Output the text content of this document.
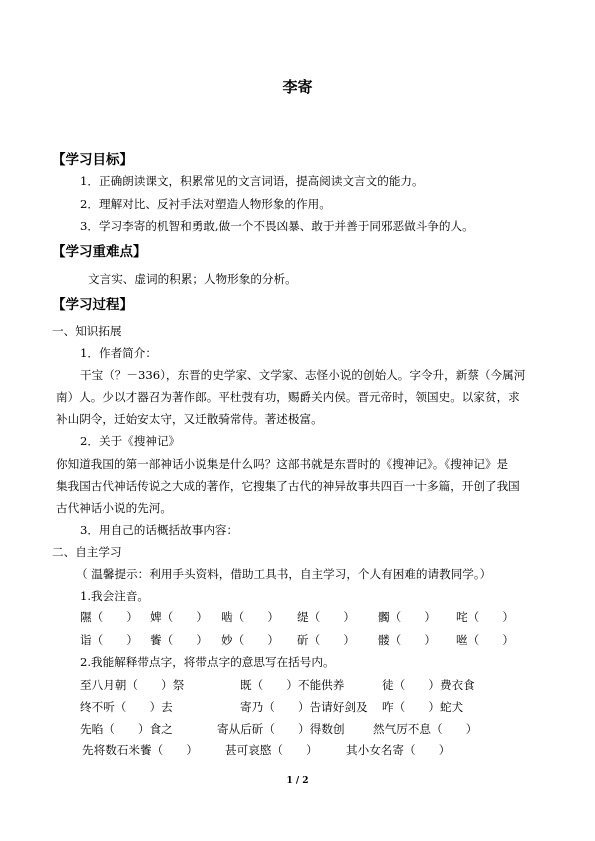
李寄
【学习目标】
1．正确朗读课文，积累常见的文言词语，提高阅读文言文的能力。
2．理解对比、反衬手法对塑造人物形象的作用。
3．学习李寄的机智和勇敢,做一个不畏凶暴、敢于并善于同邪恶做斗争的人。
【学习重难点】
文言实、虚词的积累；人物形象的分析。
【学习过程】
一、知识拓展
1．作者简介：
干宝（？－336），东晋的史学家、文学家、志怪小说的创始人。字令升，新蔡（今属河
南）人。少以才器召为著作郎。平杜弢有功，赐爵关内侯。晋元帝时，领国史。以家贫，求
补山阴令，迁始安太守，又迁散骑常侍。著述极富。
2．关于《搜神记》
你知道我国的第一部神话小说集是什么吗？这部书就是东晋时的《搜神记》。《搜神记》是
集我国古代神话传说之大成的著作，它搜集了古代的神异故事共四百一十多篇，开创了我国
古代神话小说的先河。
3．用自己的话概括故事内容：
二、自主学习
（ 温馨提示：利用手头资料，借助工具书，自主学习，个人有困难的请教同学。）
1.我会注音。
隰（　　） 婢（　　） 啮（　　） 缇（　　） 髑（　　） 咤（　　）
诣（　　） 飺（　　） 妙（　　） 斫（　　） 髅（　　） 咝（　　）
2.我能解释带点字，将带点字的意思写在括号内。
至八月朝（　　）祭	既（　　）不能供养	徒（　　）费衣食
终不听（　　）去	寄乃（　　）告请好剑及 咋（　　）蛇犬
先啗（　　）食之	寄从后斫（　　）得数创 然气厉不息（　　）
先将数石米飺（　　） 甚可哀愍（　　） 其小女名寄（　　）
1 / 2
